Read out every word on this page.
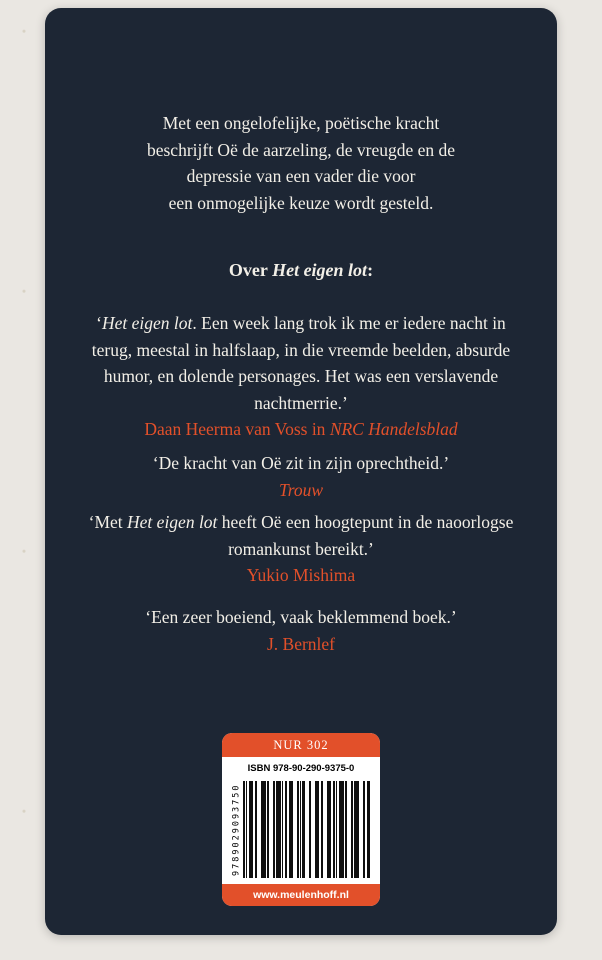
Met een ongelofelijke, poëtische kracht
beschrijft Oë de aarzeling, de vreugde en de
depressie van een vader die voor
een onmogelijke keuze wordt gesteld.
Over Het eigen lot:

‘Het eigen lot. Een week lang trok ik me er iedere nacht in terug, meestal in halfslaap, in die vreemde beelden, absurde humor, en dolende personages. Het was een verslavende nachtmerrie.’

Daan Heerma van Voss in NRC Handelsblad

‘De kracht van Oë zit in zijn oprechtheid.’

Trouw

‘Met Het eigen lot heeft Oë een hoogtepunt in de naoorlogse romankunst bereikt.’

Yukio Mishima

‘Een zeer boeiend, vaak beklemmend boek.’

J. Bernlef

NUR 302
ISBN 978-90-290-9375-0
9789029093750
www.meulenhoff.nl
